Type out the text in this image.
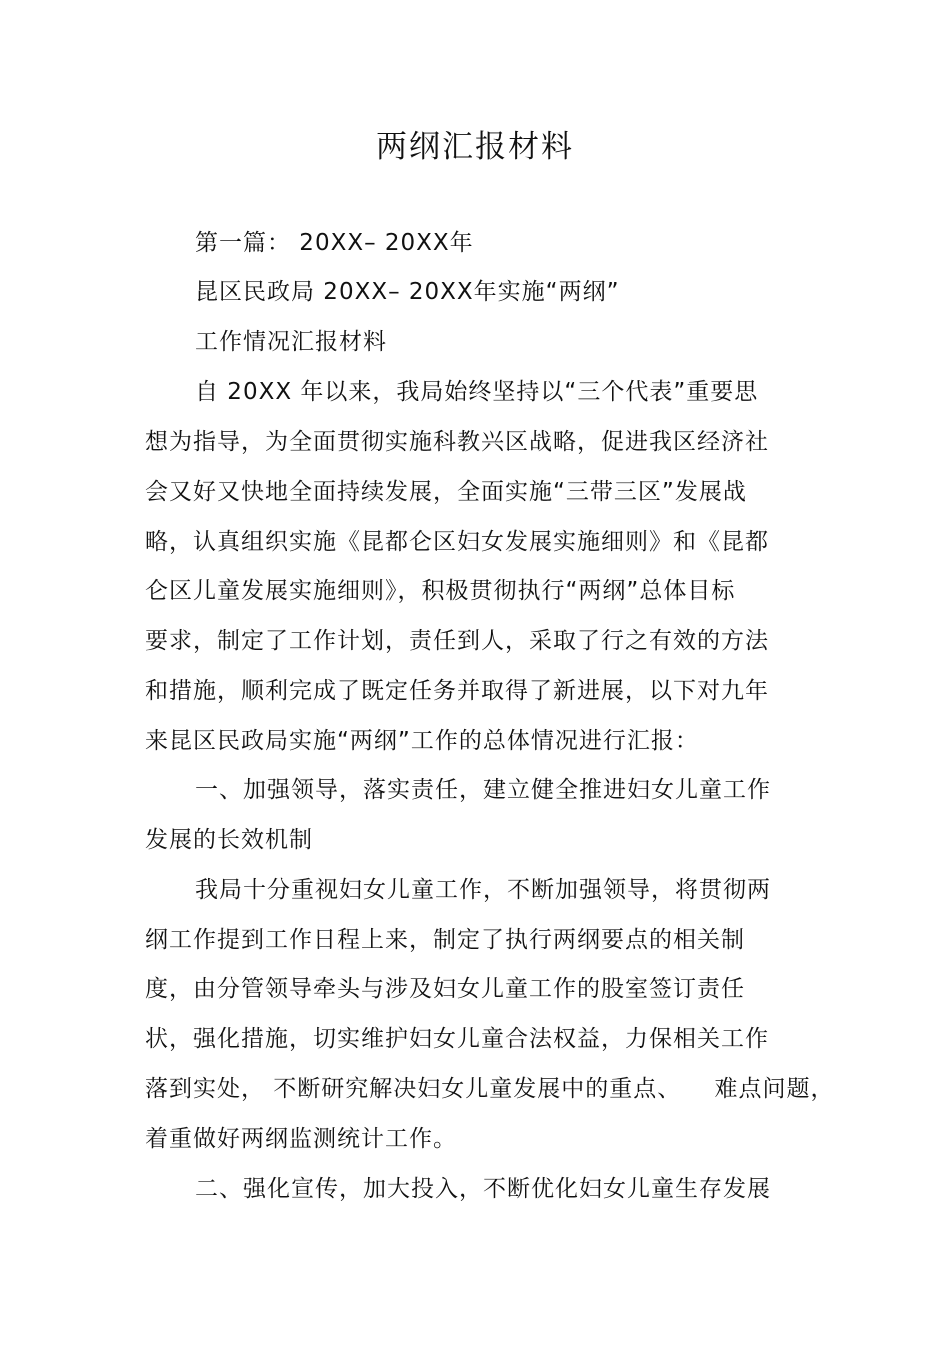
两纲汇报材料
第一篇： 20XX– 20XX年
昆区民政局 20XX– 20XX年实施“两纲”
工作情况汇报材料
自 20XX 年以来，我局始终坚持以“三个代表”重要思
想为指导，为全面贯彻实施科教兴区战略，促进我区经济社
会又好又快地全面持续发展，全面实施“三带三区”发展战
略，认真组织实施《昆都仑区妇女发展实施细则》和《昆都
仑区儿童发展实施细则》，积极贯彻执行“两纲”总体目标
要求，制定了工作计划，责任到人，采取了行之有效的方法
和措施，顺利完成了既定任务并取得了新进展，以下对九年
来昆区民政局实施“两纲”工作的总体情况进行汇报：
一、加强领导，落实责任，建立健全推进妇女儿童工作
发展的长效机制
我局十分重视妇女儿童工作，不断加强领导，将贯彻两
纲工作提到工作日程上来，制定了执行两纲要点的相关制
度，由分管领导牵头与涉及妇女儿童工作的股室签订责任
状，强化措施，切实维护妇女儿童合法权益，力保相关工作
落到实处， 不断研究解决妇女儿童发展中的重点、    难点问题，
着重做好两纲监测统计工作。
二、强化宣传，加大投入，不断优化妇女儿童生存发展
